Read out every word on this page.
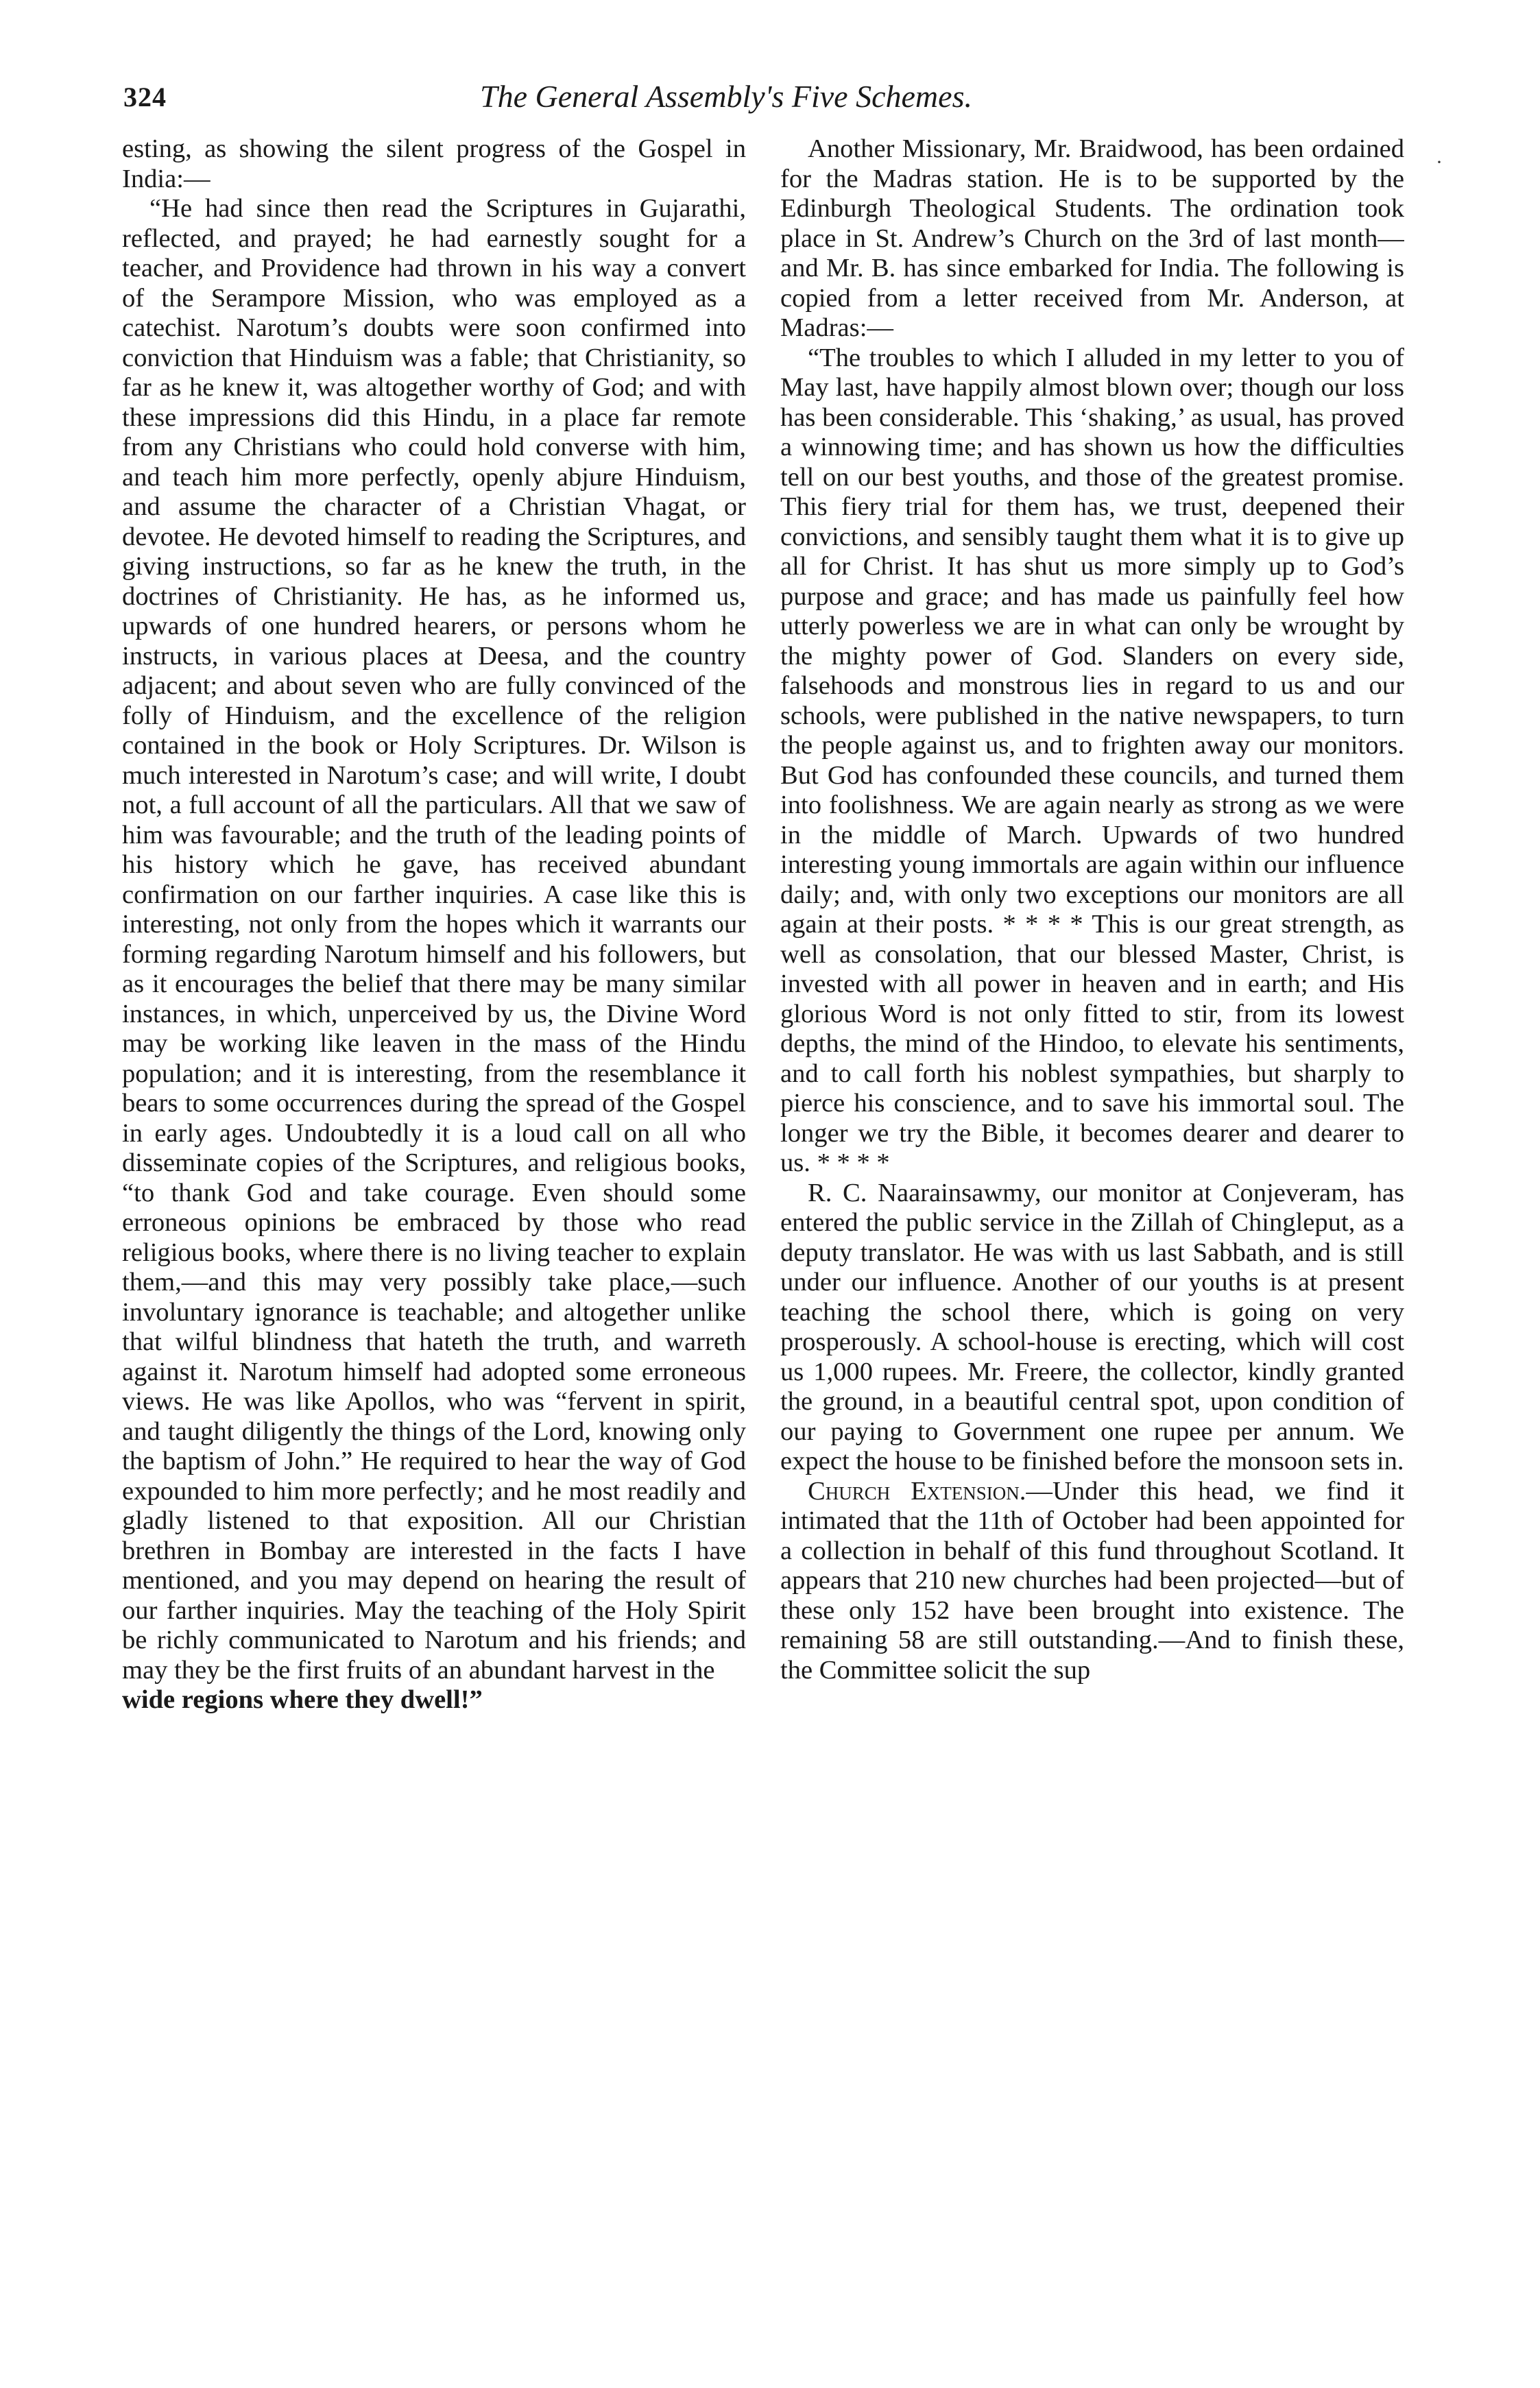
324	The General Assembly's Five Schemes.
·

esting, as showing the silent progress of the Gospel in India:—

“He had since then read the Scriptures in Gujarathi, reflected, and prayed; he had earnestly sought for a teacher, and Providence had thrown in his way a convert of the Serampore Mission, who was employed as a catechist. Narotum’s doubts were soon confirmed into conviction that Hinduism was a fable; that Christianity, so far as he knew it, was altogether worthy of God; and with these impressions did this Hindu, in a place far remote from any Christians who could hold converse with him, and teach him more perfectly, openly abjure Hinduism, and assume the character of a Christian Vhagat, or devotee. He devoted himself to reading the Scriptures, and giving instructions, so far as he knew the truth, in the doctrines of Christianity. He has, as he informed us, upwards of one hundred hearers, or persons whom he instructs, in various places at Deesa, and the country adjacent; and about seven who are fully convinced of the folly of Hinduism, and the excellence of the religion contained in the book or Holy Scriptures. Dr. Wilson is much interested in Narotum’s case; and will write, I doubt not, a full account of all the particulars. All that we saw of him was favourable; and the truth of the leading points of his history which he gave, has received abundant confirmation on our farther inquiries. A case like this is interesting, not only from the hopes which it warrants our forming regarding Narotum himself and his followers, but as it encourages the belief that there may be many similar instances, in which, unperceived by us, the Divine Word may be working like leaven in the mass of the Hindu population; and it is interesting, from the resemblance it bears to some occurrences during the spread of the Gospel in early ages. Undoubtedly it is a loud call on all who disseminate copies of the Scriptures, and religious books, “to thank God and take courage. Even should some erroneous opinions be embraced by those who read religious books, where there is no living teacher to explain them,—and this may very possibly take place,—such involuntary ignorance is teachable; and altogether unlike that wilful blindness that hateth the truth, and warreth against it. Narotum himself had adopted some erroneous views. He was like Apollos, who was “fervent in spirit, and taught diligently the things of the Lord, knowing only the baptism of John.” He required to hear the way of God expounded to him more perfectly; and he most readily and gladly listened to that exposition. All our Christian brethren in Bombay are interested in the facts I have mentioned, and you may depend on hearing the result of our farther inquiries. May the teaching of the Holy Spirit be richly communicated to Narotum and his friends; and may they be the first fruits of an abundant harvest in the

wide regions where they dwell!”

Another Missionary, Mr. Braidwood, has been ordained for the Madras station. He is to be supported by the Edinburgh Theological Students. The ordination took place in St. Andrew’s Church on the 3rd of last month—and Mr. B. has since embarked for India. The following is copied from a letter received from Mr. Anderson, at Madras:—

“The troubles to which I alluded in my letter to you of May last, have happily almost blown over; though our loss has been considerable. This ‘shaking,’ as usual, has proved a winnowing time; and has shown us how the difficulties tell on our best youths, and those of the greatest promise. This fiery trial for them has, we trust, deepened their convictions, and sensibly taught them what it is to give up all for Christ. It has shut us more simply up to God’s purpose and grace; and has made us painfully feel how utterly powerless we are in what can only be wrought by the mighty power of God. Slanders on every side, falsehoods and monstrous lies in regard to us and our schools, were published in the native newspapers, to turn the people against us, and to frighten away our monitors. But God has confounded these councils, and turned them into foolishness. We are again nearly as strong as we were in the middle of March. Upwards of two hundred interesting young immortals are again within our influence daily; and, with only two exceptions our monitors are all again at their posts. * * * * This is our great strength, as well as consolation, that our blessed Master, Christ, is invested with all power in heaven and in earth; and His glorious Word is not only fitted to stir, from its lowest depths, the mind of the Hindoo, to elevate his sentiments, and to call forth his noblest sympathies, but sharply to pierce his conscience, and to save his immortal soul. The longer we try the Bible, it becomes dearer and dearer to us. * * * *

R. C. Naarainsawmy, our monitor at Conjeveram, has entered the public service in the Zillah of Chingleput, as a deputy translator. He was with us last Sabbath, and is still under our influence. Another of our youths is at present teaching the school there, which is going on very prosperously. A school-house is erecting, which will cost us 1,000 rupees. Mr. Freere, the collector, kindly granted the ground, in a beautiful central spot, upon condition of our paying to Government one rupee per annum. We expect the house to be finished before the monsoon sets in.

Church Extension.—Under this head, we find it intimated that the 11th of October had been appointed for a collection in behalf of this fund throughout Scotland. It appears that 210 new churches had been projected—but of these only 152 have been brought into existence. The remaining 58 are still outstanding.—And to finish these, the Committee solicit the sup
